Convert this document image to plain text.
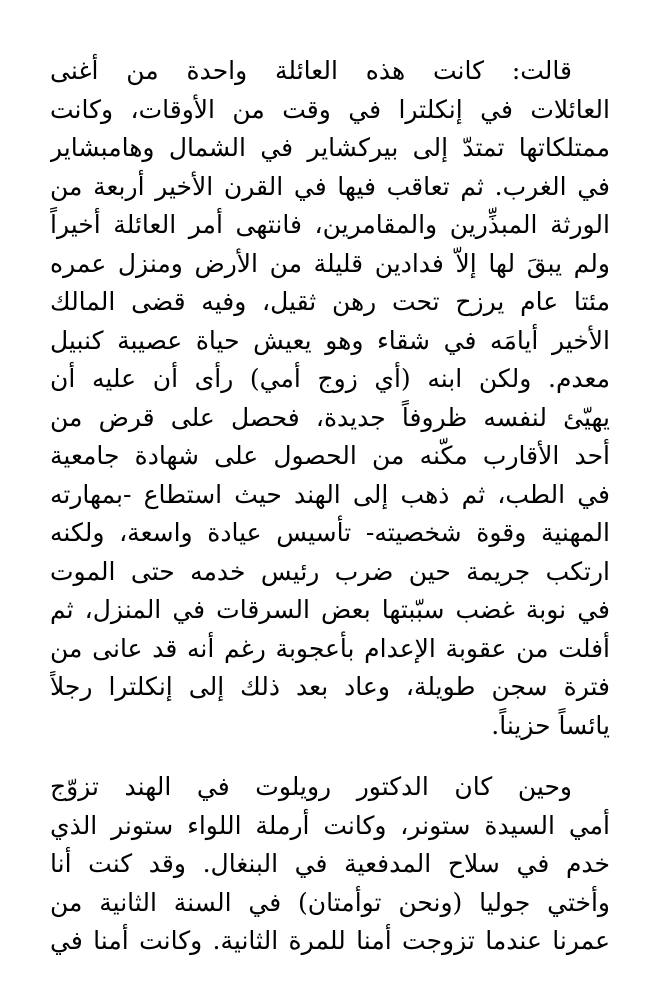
قالت: كانت هذه العائلة واحدة من أغنى
العائلات في إنكلترا في وقت من الأوقات، وكانت
ممتلكاتها تمتدّ إلى بيركشاير في الشمال وهامبشاير
في الغرب. ثم تعاقب فيها في القرن الأخير أربعة من
الورثة المبذِّرين والمقامرين، فانتهى أمر العائلة أخيراً
ولم يبقَ لها إلاّ فدادين قليلة من الأرض ومنزل عمره
مئتا عام يرزح تحت رهن ثقيل، وفيه قضى المالك
الأخير أيامَه في شقاء وهو يعيش حياة عصيبة كنبيل
معدم. ولكن ابنه (أي زوج أمي) رأى أن عليه أن
يهيّئ لنفسه ظروفاً جديدة، فحصل على قرض من
أحد الأقارب مكّنه من الحصول على شهادة جامعية
في الطب، ثم ذهب إلى الهند حيث استطاع -بمهارته
المهنية وقوة شخصيته- تأسيس عيادة واسعة، ولكنه
ارتكب جريمة حين ضرب رئيس خدمه حتى الموت
في نوبة غضب سبّبتها بعض السرقات في المنزل، ثم
أفلت من عقوبة الإعدام بأعجوبة رغم أنه قد عانى من
فترة سجن طويلة، وعاد بعد ذلك إلى إنكلترا رجلاً
يائساً حزيناً.
وحين كان الدكتور رويلوت في الهند تزوّج
أمي السيدة ستونر، وكانت أرملة اللواء ستونر الذي
خدم في سلاح المدفعية في البنغال. وقد كنت أنا
وأختي جوليا (ونحن توأمتان) في السنة الثانية من
عمرنا عندما تزوجت أمنا للمرة الثانية. وكانت أمنا في
